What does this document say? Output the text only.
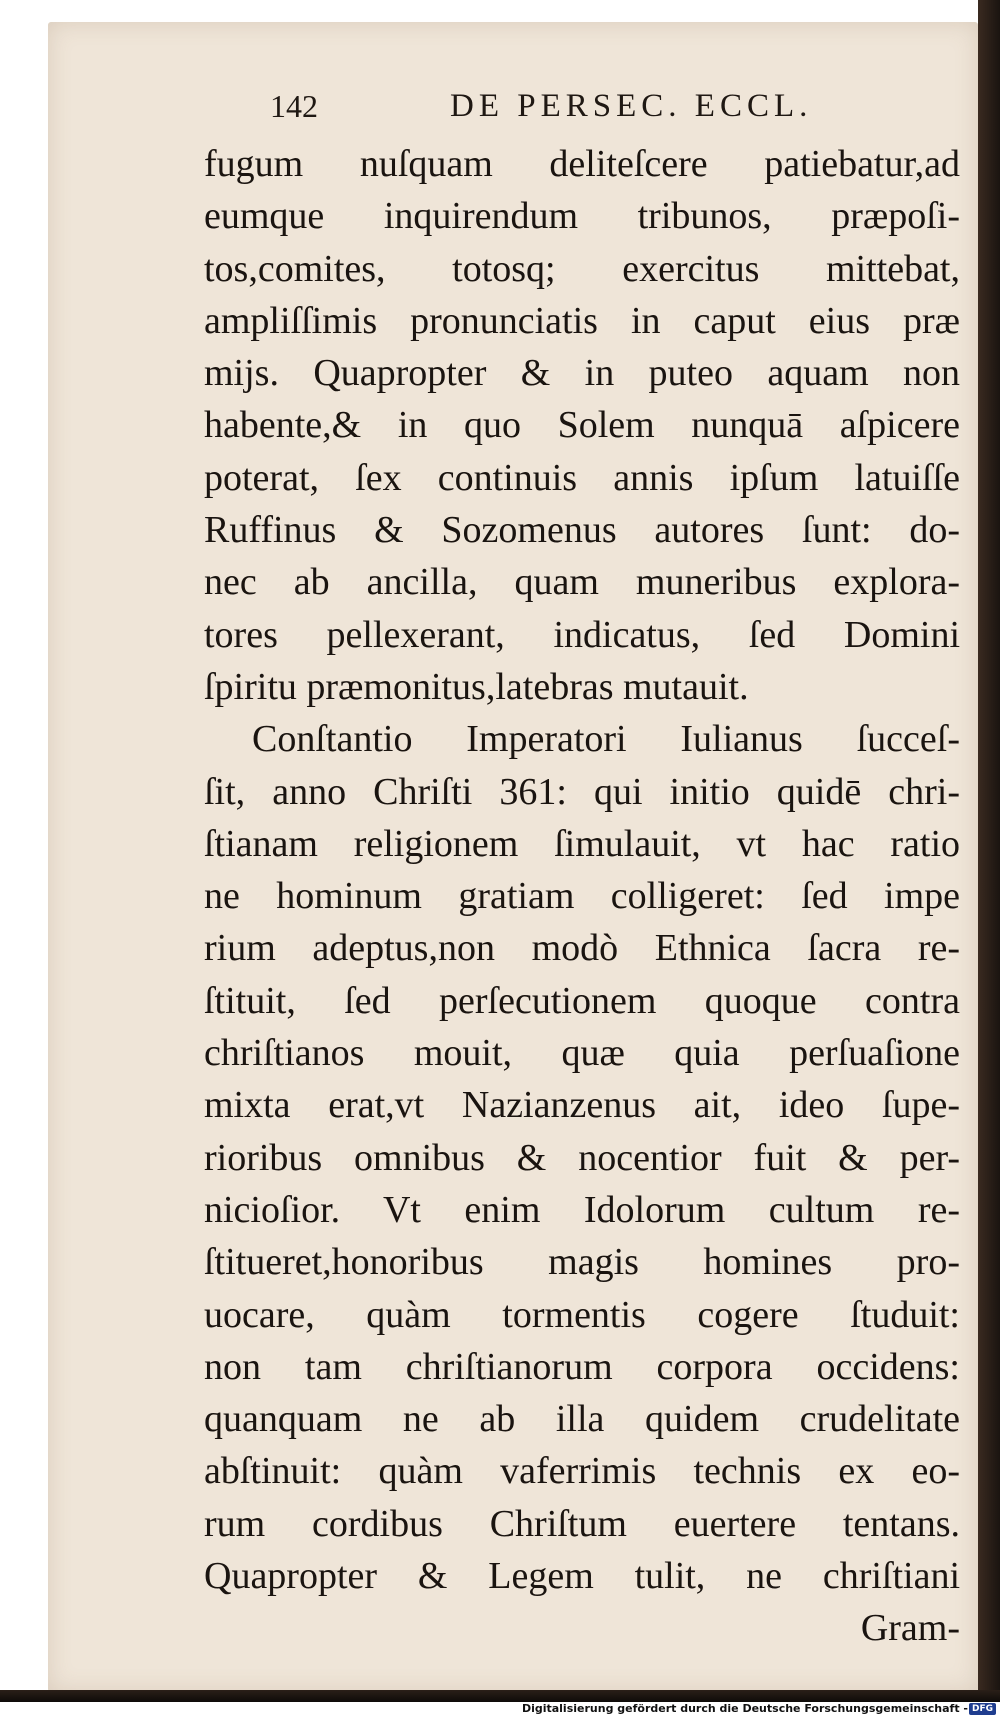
142	DE PERSEC. ECCL.
fugum nuſquam delitеſcere patiebatur,ad
eumque inquirendum tribunos, præpoſi-
tos,comites, totosq; exercitus mittebat,
ampliſſimis pronunciatis in caput eius præ
mijs. Quapropter & in puteo aquam non
habente,& in quo Solem nunquā aſpicere
poterat, ſex continuis annis ipſum latuiſſe
Ruffinus & Sozomenus autores ſunt: do-
nec ab ancilla, quam muneribus explora-
tores pellexerant, indicatus, ſed Domini
ſpiritu præmonitus,latebras mutauit.
Conſtantio Imperatori Iulianus ſucceſ-
ſit, anno Chriſti 361: qui initio quidē chri-
ſtianam religionem ſimulauit, vt hac ratio
ne hominum gratiam colligeret: ſed impe
rium adeptus,non modò Ethnica ſacra re-
ſtituit, ſed perſecutionem quoque contra
chriſtianos mouit, quæ quia perſuaſione
mixta erat,vt Nazianzenus ait, ideo ſupe-
rioribus omnibus & nocentior fuit & per-
nicioſior. Vt enim Idolorum cultum re-
ſtitueret,honoribus magis homines pro-
uocare, quàm tormentis cogere ſtuduit:
non tam chriſtianorum corpora occidens:
quanquam ne ab illa quidem crudelitate
abſtinuit: quàm vaferrimis technis ex eo-
rum cordibus Chriſtum euertere tentans.
Quapropter & Legem tulit, ne chriſtiani
Gram-
Digitalisierung gefördert durch die Deutsche Forschungsgemeinschaft - DFG
